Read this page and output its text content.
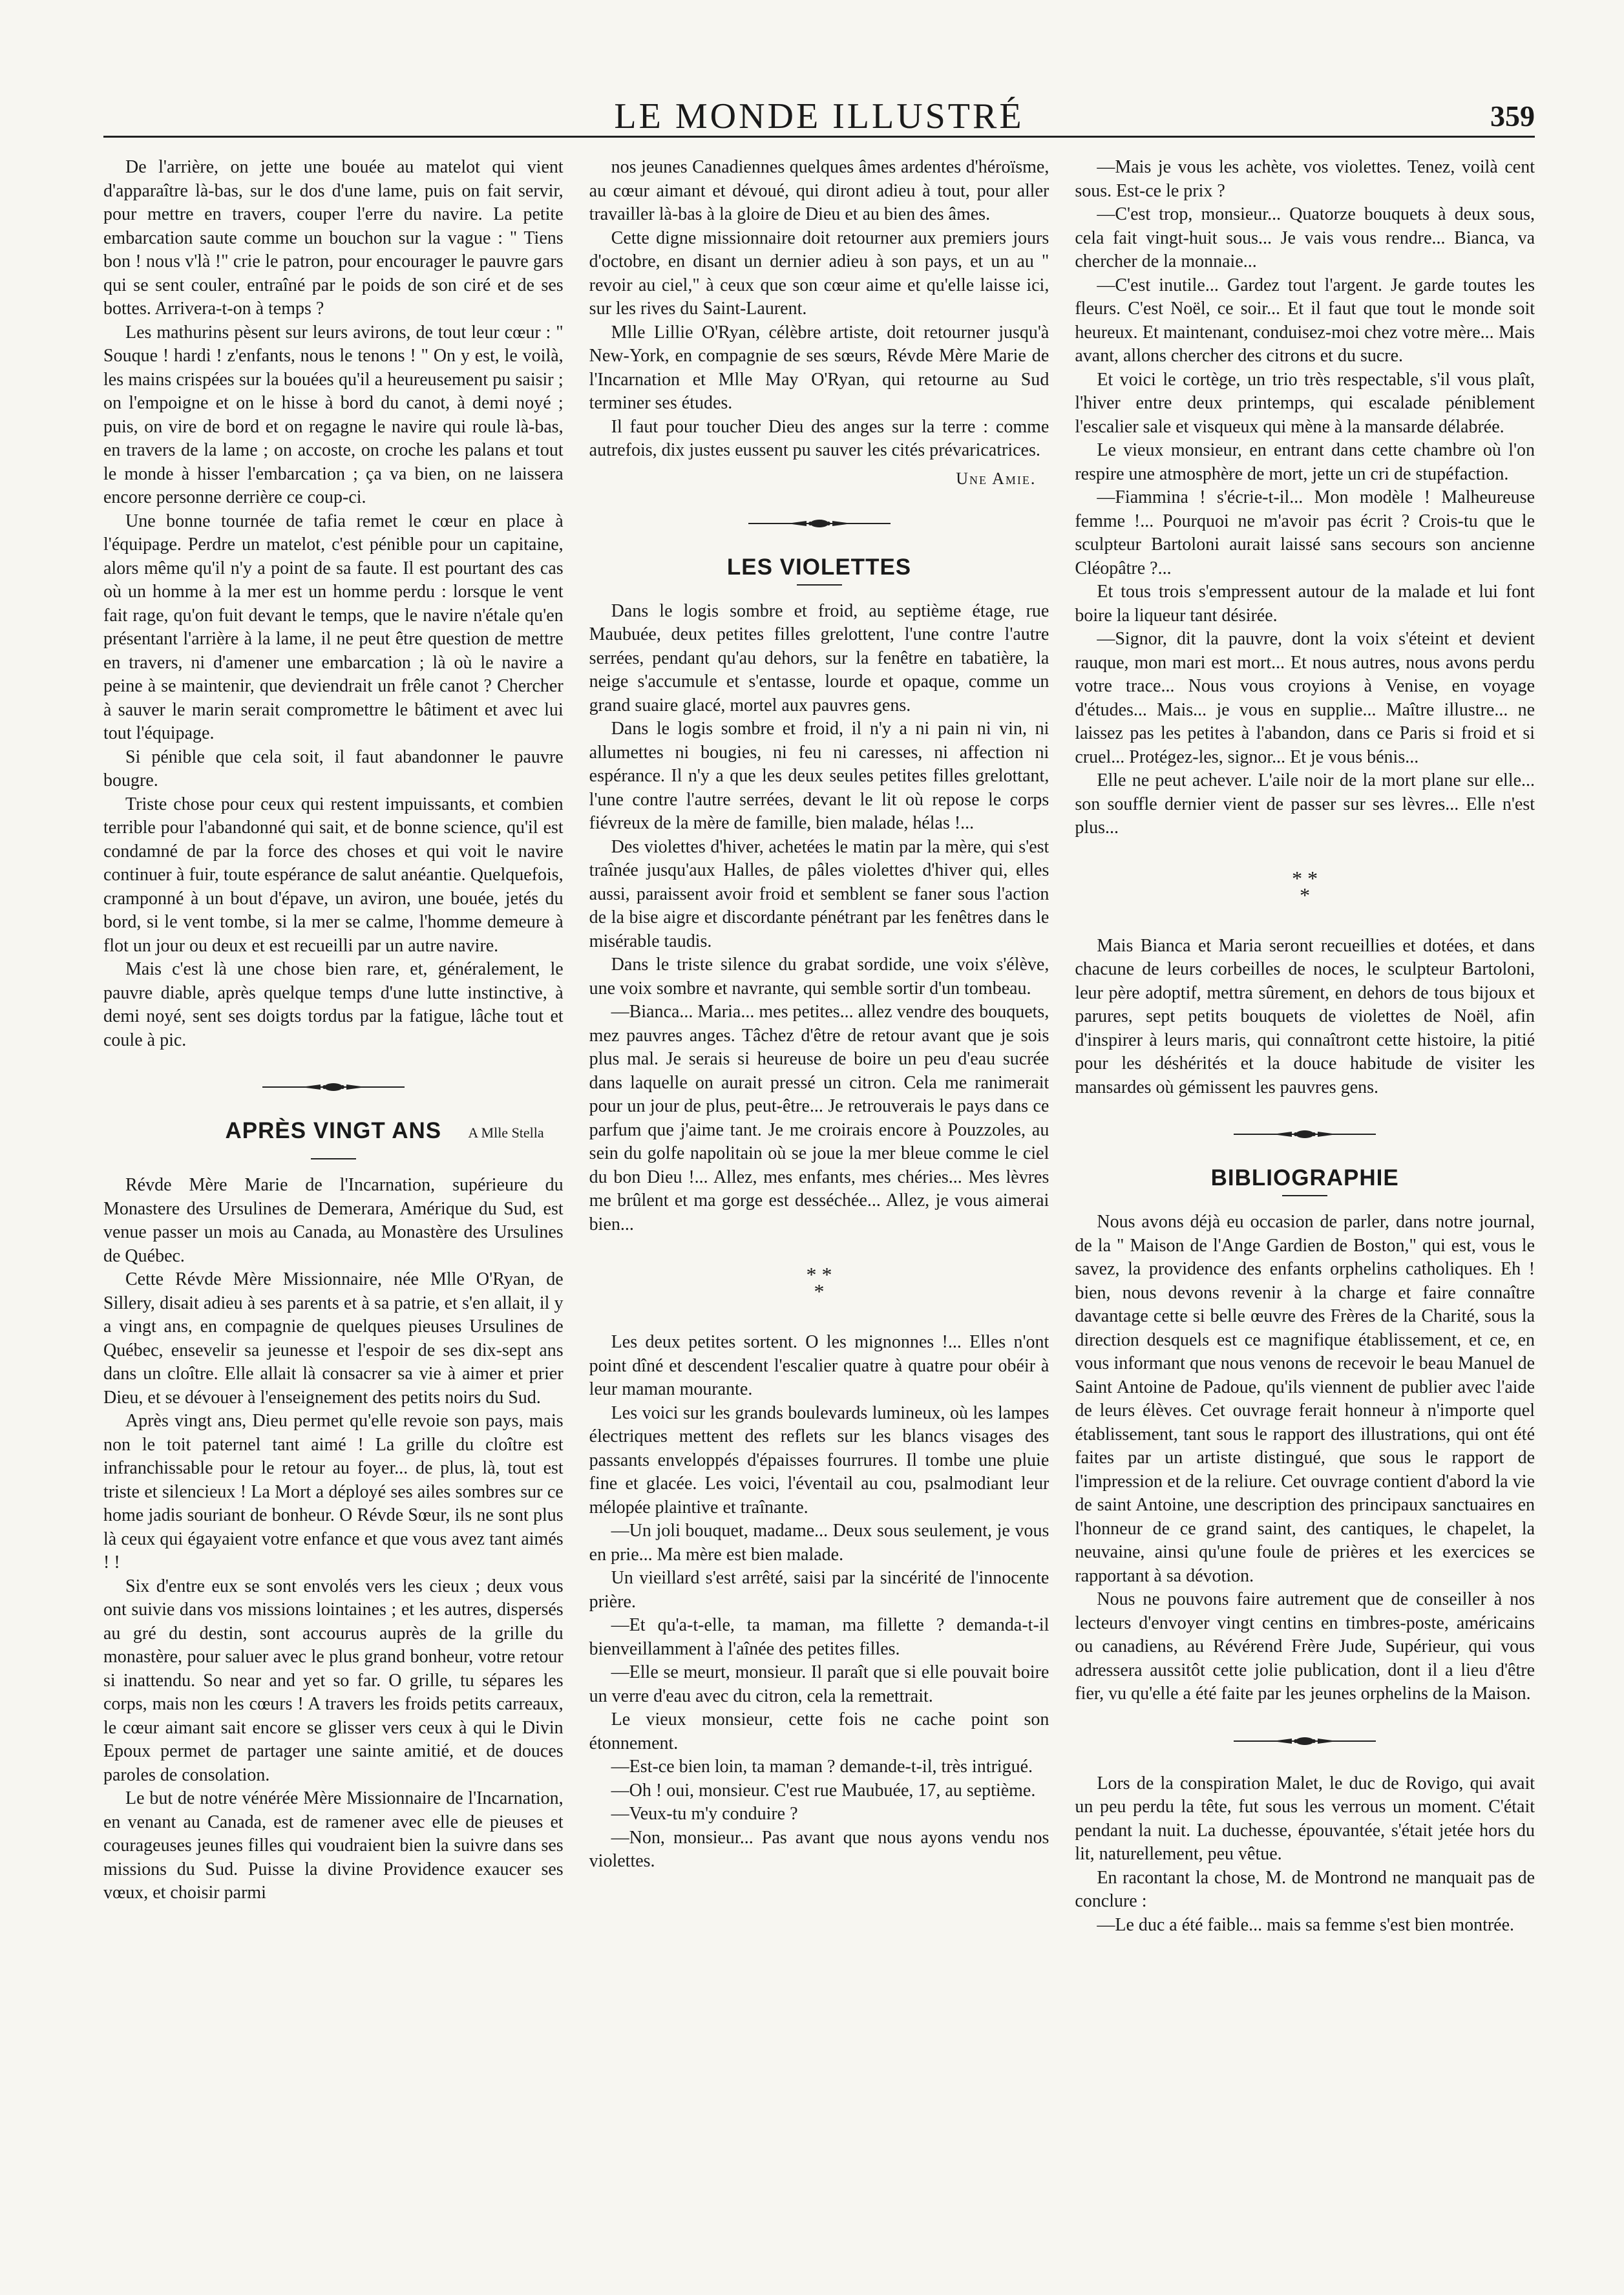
LE MONDE ILLUSTRÉ	359

De l'arrière, on jette une bouée au matelot qui vient d'apparaître là-bas, sur le dos d'une lame, puis on fait servir, pour mettre en travers, couper l'erre du navire. La petite embarcation saute comme un bouchon sur la vague : " Tiens bon ! nous v'là !" crie le patron, pour encourager le pauvre gars qui se sent couler, entraîné par le poids de son ciré et de ses bottes. Arrivera-t-on à temps ?

Les mathurins pèsent sur leurs avirons, de tout leur cœur : " Souque ! hardi ! z'enfants, nous le tenons ! " On y est, le voilà, les mains crispées sur la bouées qu'il a heureusement pu saisir ; on l'empoigne et on le hisse à bord du canot, à demi noyé ; puis, on vire de bord et on regagne le navire qui roule là-bas, en travers de la lame ; on accoste, on croche les palans et tout le monde à hisser l'embarcation ; ça va bien, on ne laissera encore personne derrière ce coup-ci.

Une bonne tournée de tafia remet le cœur en place à l'équipage. Perdre un matelot, c'est pénible pour un capitaine, alors même qu'il n'y a point de sa faute. Il est pourtant des cas où un homme à la mer est un homme perdu : lorsque le vent fait rage, qu'on fuit devant le temps, que le navire n'étale qu'en présentant l'arrière à la lame, il ne peut être question de mettre en travers, ni d'amener une embarcation ; là où le navire a peine à se maintenir, que deviendrait un frêle canot ? Chercher à sauver le marin serait compromettre le bâtiment et avec lui tout l'équipage.

Si pénible que cela soit, il faut abandonner le pauvre bougre.

Triste chose pour ceux qui restent impuissants, et combien terrible pour l'abandonné qui sait, et de bonne science, qu'il est condamné de par la force des choses et qui voit le navire continuer à fuir, toute espérance de salut anéantie. Quelquefois, cramponné à un bout d'épave, un aviron, une bouée, jetés du bord, si le vent tombe, si la mer se calme, l'homme demeure à flot un jour ou deux et est recueilli par un autre navire.

Mais c'est là une chose bien rare, et, généralement, le pauvre diable, après quelque temps d'une lutte instinctive, à demi noyé, sent ses doigts tordus par la fatigue, lâche tout et coule à pic.

APRÈS VINGT ANS	A Mlle Stella

Révde Mère Marie de l'Incarnation, supérieure du Monastere des Ursulines de Demerara, Amérique du Sud, est venue passer un mois au Canada, au Monastère des Ursulines de Québec.

Cette Révde Mère Missionnaire, née Mlle O'Ryan, de Sillery, disait adieu à ses parents et à sa patrie, et s'en allait, il y a vingt ans, en compagnie de quelques pieuses Ursulines de Québec, ensevelir sa jeunesse et l'espoir de ses dix-sept ans dans un cloître. Elle allait là consacrer sa vie à aimer et prier Dieu, et se dévouer à l'enseignement des petits noirs du Sud.

Après vingt ans, Dieu permet qu'elle revoie son pays, mais non le toit paternel tant aimé ! La grille du cloître est infranchissable pour le retour au foyer... de plus, là, tout est triste et silencieux ! La Mort a déployé ses ailes sombres sur ce home jadis souriant de bonheur. O Révde Sœur, ils ne sont plus là ceux qui égayaient votre enfance et que vous avez tant aimés ! !

Six d'entre eux se sont envolés vers les cieux ; deux vous ont suivie dans vos missions lointaines ; et les autres, dispersés au gré du destin, sont accourus auprès de la grille du monastère, pour saluer avec le plus grand bonheur, votre retour si inattendu. So near and yet so far. O grille, tu sépares les corps, mais non les cœurs ! A travers les froids petits carreaux, le cœur aimant sait encore se glisser vers ceux à qui le Divin Epoux permet de partager une sainte amitié, et de douces paroles de consolation.

Le but de notre vénérée Mère Missionnaire de l'Incarnation, en venant au Canada, est de ramener avec elle de pieuses et courageuses jeunes filles qui voudraient bien la suivre dans ses missions du Sud. Puisse la divine Providence exaucer ses vœux, et choisir parmi

nos jeunes Canadiennes quelques âmes ardentes d'héroïsme, au cœur aimant et dévoué, qui diront adieu à tout, pour aller travailler là-bas à la gloire de Dieu et au bien des âmes.

Cette digne missionnaire doit retourner aux premiers jours d'octobre, en disant un dernier adieu à son pays, et un au " revoir au ciel," à ceux que son cœur aime et qu'elle laisse ici, sur les rives du Saint-Laurent.

Mlle Lillie O'Ryan, célèbre artiste, doit retourner jusqu'à New-York, en compagnie de ses sœurs, Révde Mère Marie de l'Incarnation et Mlle May O'Ryan, qui retourne au Sud terminer ses études.

Il faut pour toucher Dieu des anges sur la terre : comme autrefois, dix justes eussent pu sauver les cités prévaricatrices.

Une Amie.
LES VIOLETTES

Dans le logis sombre et froid, au septième étage, rue Maubuée, deux petites filles grelottent, l'une contre l'autre serrées, pendant qu'au dehors, sur la fenêtre en tabatière, la neige s'accumule et s'entasse, lourde et opaque, comme un grand suaire glacé, mortel aux pauvres gens.

Dans le logis sombre et froid, il n'y a ni pain ni vin, ni allumettes ni bougies, ni feu ni caresses, ni affection ni espérance. Il n'y a que les deux seules petites filles grelottant, l'une contre l'autre serrées, devant le lit où repose le corps fiévreux de la mère de famille, bien malade, hélas !...

Des violettes d'hiver, achetées le matin par la mère, qui s'est traînée jusqu'aux Halles, de pâles violettes d'hiver qui, elles aussi, paraissent avoir froid et semblent se faner sous l'action de la bise aigre et discordante pénétrant par les fenêtres dans le misérable taudis.

Dans le triste silence du grabat sordide, une voix s'élève, une voix sombre et navrante, qui semble sortir d'un tombeau.

—Bianca... Maria... mes petites... allez vendre des bouquets, mez pauvres anges. Tâchez d'être de retour avant que je sois plus mal. Je serais si heureuse de boire un peu d'eau sucrée dans laquelle on aurait pressé un citron. Cela me ranimerait pour un jour de plus, peut-être... Je retrouverais le pays dans ce parfum que j'aime tant. Je me croirais encore à Pouzzoles, au sein du golfe napolitain où se joue la mer bleue comme le ciel du bon Dieu !... Allez, mes enfants, mes chéries... Mes lèvres me brûlent et ma gorge est desséchée... Allez, je vous aimerai bien...

* *
*

Les deux petites sortent. O les mignonnes !... Elles n'ont point dîné et descendent l'escalier quatre à quatre pour obéir à leur maman mourante.

Les voici sur les grands boulevards lumineux, où les lampes électriques mettent des reflets sur les blancs visages des passants enveloppés d'épaisses fourrures. Il tombe une pluie fine et glacée. Les voici, l'éventail au cou, psalmodiant leur mélopée plaintive et traînante.

—Un joli bouquet, madame... Deux sous seulement, je vous en prie... Ma mère est bien malade.

Un vieillard s'est arrêté, saisi par la sincérité de l'innocente prière.

—Et qu'a-t-elle, ta maman, ma fillette ? demanda-t-il bienveillamment à l'aînée des petites filles.

—Elle se meurt, monsieur. Il paraît que si elle pouvait boire un verre d'eau avec du citron, cela la remettrait.

Le vieux monsieur, cette fois ne cache point son étonnement.

—Est-ce bien loin, ta maman ? demande-t-il, très intrigué.

—Oh ! oui, monsieur. C'est rue Maubuée, 17, au septième.

—Veux-tu m'y conduire ?

—Non, monsieur... Pas avant que nous ayons vendu nos violettes.

—Mais je vous les achète, vos violettes. Tenez, voilà cent sous. Est-ce le prix ?

—C'est trop, monsieur... Quatorze bouquets à deux sous, cela fait vingt-huit sous... Je vais vous rendre... Bianca, va chercher de la monnaie...

—C'est inutile... Gardez tout l'argent. Je garde toutes les fleurs. C'est Noël, ce soir... Et il faut que tout le monde soit heureux. Et maintenant, conduisez-moi chez votre mère... Mais avant, allons chercher des citrons et du sucre.

Et voici le cortège, un trio très respectable, s'il vous plaît, l'hiver entre deux printemps, qui escalade péniblement l'escalier sale et visqueux qui mène à la mansarde délabrée.

Le vieux monsieur, en entrant dans cette chambre où l'on respire une atmosphère de mort, jette un cri de stupéfaction.

—Fiammina ! s'écrie-t-il... Mon modèle ! Malheureuse femme !... Pourquoi ne m'avoir pas écrit ? Crois-tu que le sculpteur Bartoloni aurait laissé sans secours son ancienne Cléopâtre ?...

Et tous trois s'empressent autour de la malade et lui font boire la liqueur tant désirée.

—Signor, dit la pauvre, dont la voix s'éteint et devient rauque, mon mari est mort... Et nous autres, nous avons perdu votre trace... Nous vous croyions à Venise, en voyage d'études... Mais... je vous en supplie... Maître illustre... ne laissez pas les petites à l'abandon, dans ce Paris si froid et si cruel... Protégez-les, signor... Et je vous bénis...

Elle ne peut achever. L'aile noir de la mort plane sur elle... son souffle dernier vient de passer sur ses lèvres... Elle n'est plus...

* *
*

Mais Bianca et Maria seront recueillies et dotées, et dans chacune de leurs corbeilles de noces, le sculpteur Bartoloni, leur père adoptif, mettra sûrement, en dehors de tous bijoux et parures, sept petits bouquets de violettes de Noël, afin d'inspirer à leurs maris, qui connaîtront cette histoire, la pitié pour les déshérités et la douce habitude de visiter les mansardes où gémissent les pauvres gens.

BIBLIOGRAPHIE

Nous avons déjà eu occasion de parler, dans notre journal, de la " Maison de l'Ange Gardien de Boston," qui est, vous le savez, la providence des enfants orphelins catholiques. Eh ! bien, nous devons revenir à la charge et faire connaître davantage cette si belle œuvre des Frères de la Charité, sous la direction desquels est ce magnifique établissement, et ce, en vous informant que nous venons de recevoir le beau Manuel de Saint Antoine de Padoue, qu'ils viennent de publier avec l'aide de leurs élèves. Cet ouvrage ferait honneur à n'importe quel établissement, tant sous le rapport des illustrations, qui ont été faites par un artiste distingué, que sous le rapport de l'impression et de la reliure. Cet ouvrage contient d'abord la vie de saint Antoine, une description des principaux sanctuaires en l'honneur de ce grand saint, des cantiques, le chapelet, la neuvaine, ainsi qu'une foule de prières et les exercices se rapportant à sa dévotion.

Nous ne pouvons faire autrement que de conseiller à nos lecteurs d'envoyer vingt centins en timbres-poste, américains ou canadiens, au Révérend Frère Jude, Supérieur, qui vous adressera aussitôt cette jolie publication, dont il a lieu d'être fier, vu qu'elle a été faite par les jeunes orphelins de la Maison.

Lors de la conspiration Malet, le duc de Rovigo, qui avait un peu perdu la tête, fut sous les verrous un moment. C'était pendant la nuit. La duchesse, épouvantée, s'était jetée hors du lit, naturellement, peu vêtue.

En racontant la chose, M. de Montrond ne manquait pas de conclure :

—Le duc a été faible... mais sa femme s'est bien montrée.
